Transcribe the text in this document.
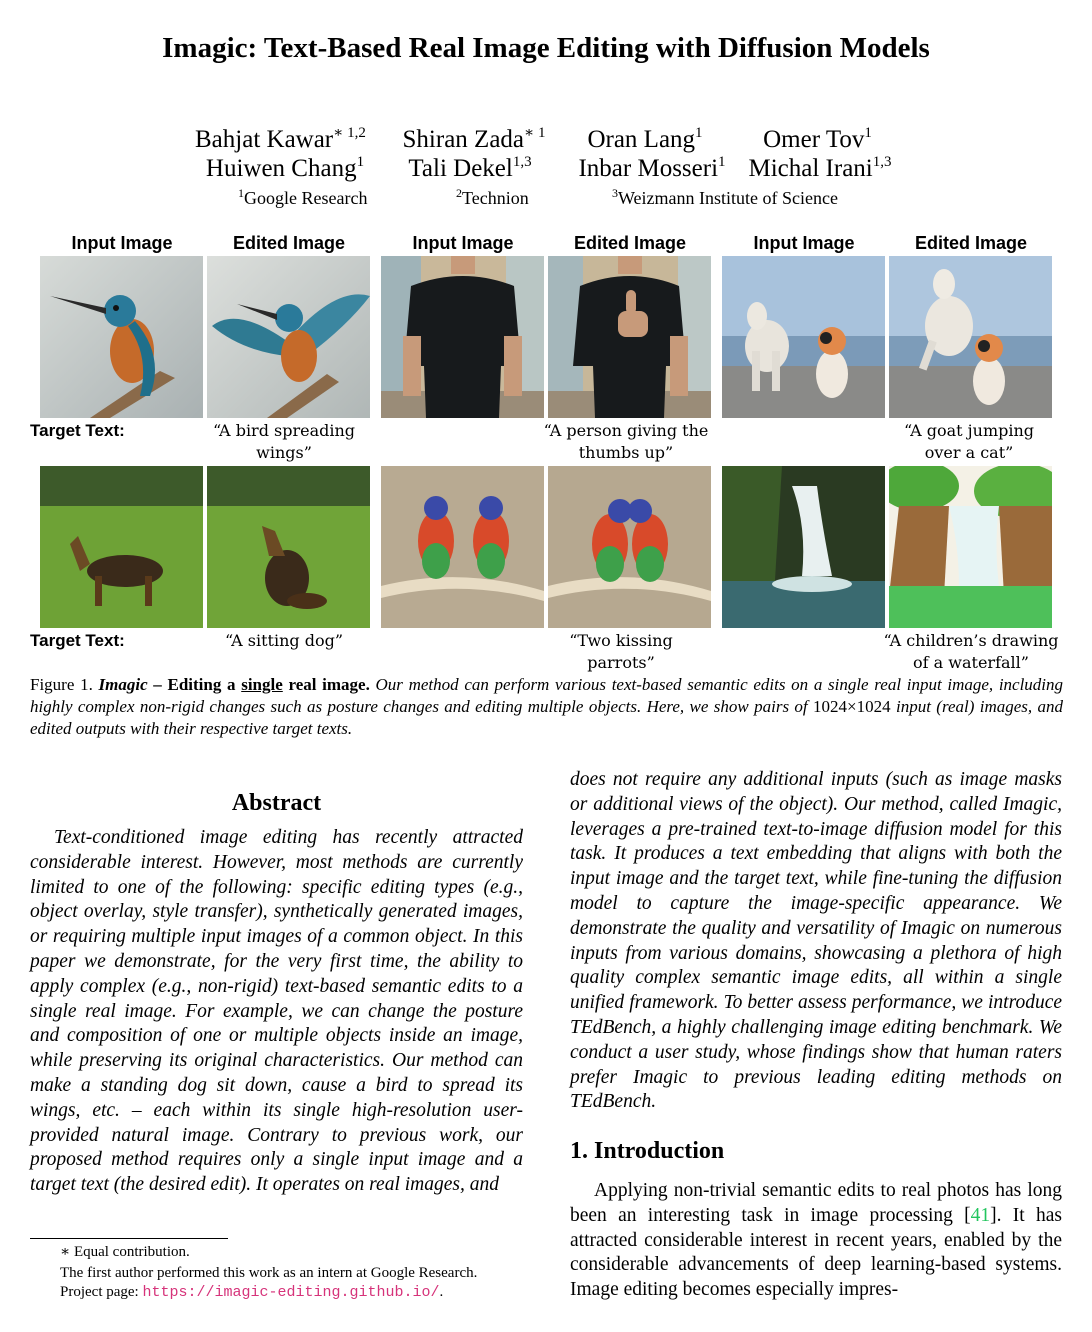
Imagic: Text-Based Real Image Editing with Diffusion Models
Bahjat Kawar$^{∗ 1,2}$	Shiran Zada$^{∗ 1}$	Oran Lang$^1$	Omer Tov$^1$
Huiwen Chang$^1$	Tali Dekel$^{1,3}$	Inbar Mosseri$^1$ Michal Irani$^{1,3}$
$^1$Google Research	$^2$Technion	$^3$Weizmann Institute of Science
Input Image	Edited Image	Input Image	Edited Image	Input Image	Edited Image
Target Text:	“A bird spreading wings”
“A person giving the thumbs up”
“A goat jumping over a cat”
Target Text:	“A sitting dog”	“Two kissing parrots”
“A children’s drawing of a waterfall”
Figure 1. Imagic – Editing a single real image. Our method can perform various text-based semantic edits on a single real input image, including highly complex non-rigid changes such as posture changes and editing multiple objects. Here, we show pairs of 1024×1024 input (real) images, and edited outputs with their respective target texts.
Abstract
Text-conditioned image editing has recently attracted considerable interest. However, most methods are currently limited to one of the following: specific editing types (e.g., object overlay, style transfer), synthetically generated images, or requiring multiple input images of a common object. In this paper we demonstrate, for the very first time, the ability to apply complex (e.g., non-rigid) text-based semantic edits to a single real image. For example, we can change the posture and composition of one or multiple objects inside an image, while preserving its original characteristics. Our method can make a standing dog sit down, cause a bird to spread its wings, etc. – each within its single high-resolution user-provided natural image. Contrary to previous work, our proposed method requires only a single input image and a target text (the desired edit). It operates on real images, and
does not require any additional inputs (such as image masks or additional views of the object). Our method, called Imagic, leverages a pre-trained text-to-image diffusion model for this task. It produces a text embedding that aligns with both the input image and the target text, while fine-tuning the diffusion model to capture the image-specific appearance. We demonstrate the quality and versatility of Imagic on numerous inputs from various domains, showcasing a plethora of high quality complex semantic image edits, all within a single unified framework. To better assess performance, we introduce TEdBench, a highly challenging image editing benchmark. We conduct a user study, whose findings show that human raters prefer Imagic to previous leading editing methods on TEdBench.
1. Introduction

Applying non-trivial semantic edits to real photos has long been an interesting task in image processing [41]. It has attracted considerable interest in recent years, enabled by the considerable advancements of deep learning-based systems. Image editing becomes especially impres-

∗ Equal contribution.
The first author performed this work as an intern at Google Research.
Project page: https://imagic-editing.github.io/.
